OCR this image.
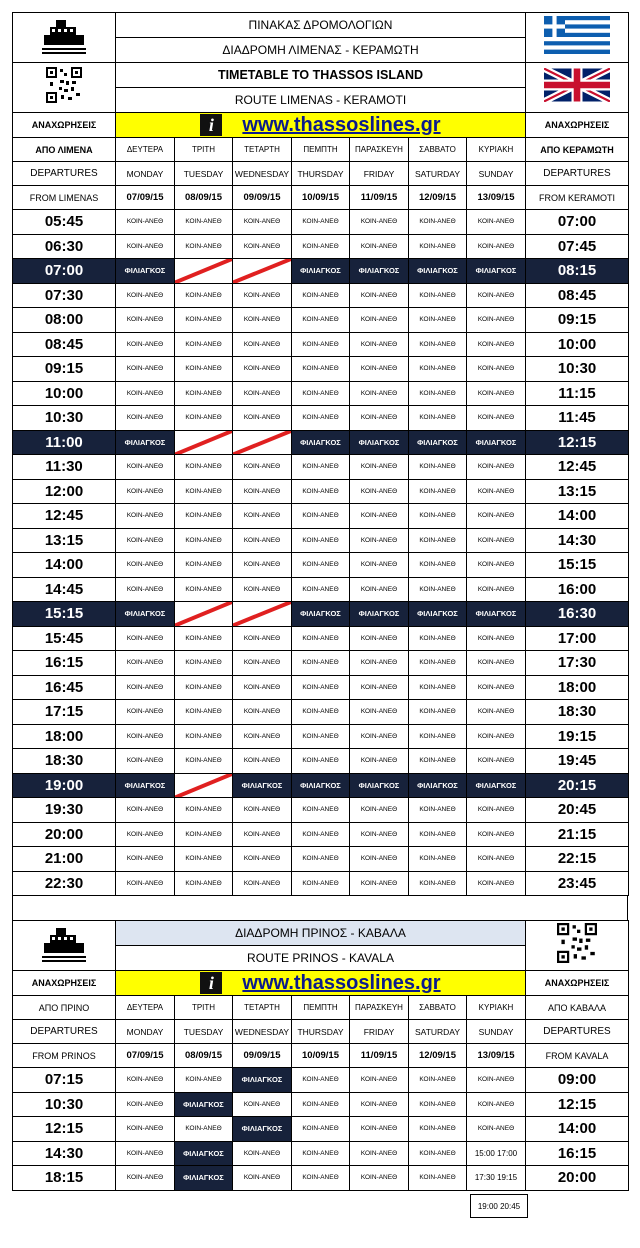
	ΠΙΝΑΚΑΣ ΔΡΟΜΟΛΟΓΙΩΝ	
	ΔΙΑΔΡΟΜΗ ΛΙΜΕΝΑΣ - ΚΕΡΑΜΩΤΗ							
	TIMETABLE TO THASSOS ISLAND	
	ROUTE LIMENAS - KERAMOTI							
ΑΝΑΧΩΡΗΣΕΙΣ	i www.thassoslines.gr							ΑΝΑΧΩΡΗΣΕΙΣ
ΑΠΟ ΛΙΜΕΝΑ	ΔΕΥΤΕΡΑ	ΤΡΙΤΗ	ΤΕΤΑΡΤΗ	ΠΕΜΠΤΗ	ΠΑΡΑΣΚΕΥΗ	ΣΑΒΒΑΤΟ	ΚΥΡΙΑΚΗ	ΑΠΟ ΚΕΡΑΜΩΤΗ
DEPARTURES	MONDAY	TUESDAY	WEDNESDAY	THURSDAY	FRIDAY	SATURDAY	SUNDAY	DEPARTURES
FROM LIMENAS	07/09/15	08/09/15	09/09/15	10/09/15	11/09/15	12/09/15	13/09/15	FROM KERAMOTI
05:45	ΚΟΙΝ-ΑΝΕΘ	ΚΟΙΝ-ΑΝΕΘ	ΚΟΙΝ-ΑΝΕΘ	ΚΟΙΝ-ΑΝΕΘ	ΚΟΙΝ-ΑΝΕΘ	ΚΟΙΝ-ΑΝΕΘ	ΚΟΙΝ-ΑΝΕΘ	07:00
06:30	ΚΟΙΝ-ΑΝΕΘ	ΚΟΙΝ-ΑΝΕΘ	ΚΟΙΝ-ΑΝΕΘ	ΚΟΙΝ-ΑΝΕΘ	ΚΟΙΝ-ΑΝΕΘ	ΚΟΙΝ-ΑΝΕΘ	ΚΟΙΝ-ΑΝΕΘ	07:45
07:00	ΦΙΛΙΑΓΚΟΣ			ΦΙΛΙΑΓΚΟΣ	ΦΙΛΙΑΓΚΟΣ	ΦΙΛΙΑΓΚΟΣ	ΦΙΛΙΑΓΚΟΣ	08:15
07:30	ΚΟΙΝ-ΑΝΕΘ	ΚΟΙΝ-ΑΝΕΘ	ΚΟΙΝ-ΑΝΕΘ	ΚΟΙΝ-ΑΝΕΘ	ΚΟΙΝ-ΑΝΕΘ	ΚΟΙΝ-ΑΝΕΘ	ΚΟΙΝ-ΑΝΕΘ	08:45
08:00	ΚΟΙΝ-ΑΝΕΘ	ΚΟΙΝ-ΑΝΕΘ	ΚΟΙΝ-ΑΝΕΘ	ΚΟΙΝ-ΑΝΕΘ	ΚΟΙΝ-ΑΝΕΘ	ΚΟΙΝ-ΑΝΕΘ	ΚΟΙΝ-ΑΝΕΘ	09:15
08:45	ΚΟΙΝ-ΑΝΕΘ	ΚΟΙΝ-ΑΝΕΘ	ΚΟΙΝ-ΑΝΕΘ	ΚΟΙΝ-ΑΝΕΘ	ΚΟΙΝ-ΑΝΕΘ	ΚΟΙΝ-ΑΝΕΘ	ΚΟΙΝ-ΑΝΕΘ	10:00
09:15	ΚΟΙΝ-ΑΝΕΘ	ΚΟΙΝ-ΑΝΕΘ	ΚΟΙΝ-ΑΝΕΘ	ΚΟΙΝ-ΑΝΕΘ	ΚΟΙΝ-ΑΝΕΘ	ΚΟΙΝ-ΑΝΕΘ	ΚΟΙΝ-ΑΝΕΘ	10:30
10:00	ΚΟΙΝ-ΑΝΕΘ	ΚΟΙΝ-ΑΝΕΘ	ΚΟΙΝ-ΑΝΕΘ	ΚΟΙΝ-ΑΝΕΘ	ΚΟΙΝ-ΑΝΕΘ	ΚΟΙΝ-ΑΝΕΘ	ΚΟΙΝ-ΑΝΕΘ	11:15
10:30	ΚΟΙΝ-ΑΝΕΘ	ΚΟΙΝ-ΑΝΕΘ	ΚΟΙΝ-ΑΝΕΘ	ΚΟΙΝ-ΑΝΕΘ	ΚΟΙΝ-ΑΝΕΘ	ΚΟΙΝ-ΑΝΕΘ	ΚΟΙΝ-ΑΝΕΘ	11:45
11:00	ΦΙΛΙΑΓΚΟΣ			ΦΙΛΙΑΓΚΟΣ	ΦΙΛΙΑΓΚΟΣ	ΦΙΛΙΑΓΚΟΣ	ΦΙΛΙΑΓΚΟΣ	12:15
11:30	ΚΟΙΝ-ΑΝΕΘ	ΚΟΙΝ-ΑΝΕΘ	ΚΟΙΝ-ΑΝΕΘ	ΚΟΙΝ-ΑΝΕΘ	ΚΟΙΝ-ΑΝΕΘ	ΚΟΙΝ-ΑΝΕΘ	ΚΟΙΝ-ΑΝΕΘ	12:45
12:00	ΚΟΙΝ-ΑΝΕΘ	ΚΟΙΝ-ΑΝΕΘ	ΚΟΙΝ-ΑΝΕΘ	ΚΟΙΝ-ΑΝΕΘ	ΚΟΙΝ-ΑΝΕΘ	ΚΟΙΝ-ΑΝΕΘ	ΚΟΙΝ-ΑΝΕΘ	13:15
12:45	ΚΟΙΝ-ΑΝΕΘ	ΚΟΙΝ-ΑΝΕΘ	ΚΟΙΝ-ΑΝΕΘ	ΚΟΙΝ-ΑΝΕΘ	ΚΟΙΝ-ΑΝΕΘ	ΚΟΙΝ-ΑΝΕΘ	ΚΟΙΝ-ΑΝΕΘ	14:00
13:15	ΚΟΙΝ-ΑΝΕΘ	ΚΟΙΝ-ΑΝΕΘ	ΚΟΙΝ-ΑΝΕΘ	ΚΟΙΝ-ΑΝΕΘ	ΚΟΙΝ-ΑΝΕΘ	ΚΟΙΝ-ΑΝΕΘ	ΚΟΙΝ-ΑΝΕΘ	14:30
14:00	ΚΟΙΝ-ΑΝΕΘ	ΚΟΙΝ-ΑΝΕΘ	ΚΟΙΝ-ΑΝΕΘ	ΚΟΙΝ-ΑΝΕΘ	ΚΟΙΝ-ΑΝΕΘ	ΚΟΙΝ-ΑΝΕΘ	ΚΟΙΝ-ΑΝΕΘ	15:15
14:45	ΚΟΙΝ-ΑΝΕΘ	ΚΟΙΝ-ΑΝΕΘ	ΚΟΙΝ-ΑΝΕΘ	ΚΟΙΝ-ΑΝΕΘ	ΚΟΙΝ-ΑΝΕΘ	ΚΟΙΝ-ΑΝΕΘ	ΚΟΙΝ-ΑΝΕΘ	16:00
15:15	ΦΙΛΙΑΓΚΟΣ			ΦΙΛΙΑΓΚΟΣ	ΦΙΛΙΑΓΚΟΣ	ΦΙΛΙΑΓΚΟΣ	ΦΙΛΙΑΓΚΟΣ	16:30
15:45	ΚΟΙΝ-ΑΝΕΘ	ΚΟΙΝ-ΑΝΕΘ	ΚΟΙΝ-ΑΝΕΘ	ΚΟΙΝ-ΑΝΕΘ	ΚΟΙΝ-ΑΝΕΘ	ΚΟΙΝ-ΑΝΕΘ	ΚΟΙΝ-ΑΝΕΘ	17:00
16:15	ΚΟΙΝ-ΑΝΕΘ	ΚΟΙΝ-ΑΝΕΘ	ΚΟΙΝ-ΑΝΕΘ	ΚΟΙΝ-ΑΝΕΘ	ΚΟΙΝ-ΑΝΕΘ	ΚΟΙΝ-ΑΝΕΘ	ΚΟΙΝ-ΑΝΕΘ	17:30
16:45	ΚΟΙΝ-ΑΝΕΘ	ΚΟΙΝ-ΑΝΕΘ	ΚΟΙΝ-ΑΝΕΘ	ΚΟΙΝ-ΑΝΕΘ	ΚΟΙΝ-ΑΝΕΘ	ΚΟΙΝ-ΑΝΕΘ	ΚΟΙΝ-ΑΝΕΘ	18:00
17:15	ΚΟΙΝ-ΑΝΕΘ	ΚΟΙΝ-ΑΝΕΘ	ΚΟΙΝ-ΑΝΕΘ	ΚΟΙΝ-ΑΝΕΘ	ΚΟΙΝ-ΑΝΕΘ	ΚΟΙΝ-ΑΝΕΘ	ΚΟΙΝ-ΑΝΕΘ	18:30
18:00	ΚΟΙΝ-ΑΝΕΘ	ΚΟΙΝ-ΑΝΕΘ	ΚΟΙΝ-ΑΝΕΘ	ΚΟΙΝ-ΑΝΕΘ	ΚΟΙΝ-ΑΝΕΘ	ΚΟΙΝ-ΑΝΕΘ	ΚΟΙΝ-ΑΝΕΘ	19:15
18:30	ΚΟΙΝ-ΑΝΕΘ	ΚΟΙΝ-ΑΝΕΘ	ΚΟΙΝ-ΑΝΕΘ	ΚΟΙΝ-ΑΝΕΘ	ΚΟΙΝ-ΑΝΕΘ	ΚΟΙΝ-ΑΝΕΘ	ΚΟΙΝ-ΑΝΕΘ	19:45
19:00	ΦΙΛΙΑΓΚΟΣ		ΦΙΛΙΑΓΚΟΣ	ΦΙΛΙΑΓΚΟΣ	ΦΙΛΙΑΓΚΟΣ	ΦΙΛΙΑΓΚΟΣ	ΦΙΛΙΑΓΚΟΣ	20:15
19:30	ΚΟΙΝ-ΑΝΕΘ	ΚΟΙΝ-ΑΝΕΘ	ΚΟΙΝ-ΑΝΕΘ	ΚΟΙΝ-ΑΝΕΘ	ΚΟΙΝ-ΑΝΕΘ	ΚΟΙΝ-ΑΝΕΘ	ΚΟΙΝ-ΑΝΕΘ	20:45
20:00	ΚΟΙΝ-ΑΝΕΘ	ΚΟΙΝ-ΑΝΕΘ	ΚΟΙΝ-ΑΝΕΘ	ΚΟΙΝ-ΑΝΕΘ	ΚΟΙΝ-ΑΝΕΘ	ΚΟΙΝ-ΑΝΕΘ	ΚΟΙΝ-ΑΝΕΘ	21:15
21:00	ΚΟΙΝ-ΑΝΕΘ	ΚΟΙΝ-ΑΝΕΘ	ΚΟΙΝ-ΑΝΕΘ	ΚΟΙΝ-ΑΝΕΘ	ΚΟΙΝ-ΑΝΕΘ	ΚΟΙΝ-ΑΝΕΘ	ΚΟΙΝ-ΑΝΕΘ	22:15
22:30	ΚΟΙΝ-ΑΝΕΘ	ΚΟΙΝ-ΑΝΕΘ	ΚΟΙΝ-ΑΝΕΘ	ΚΟΙΝ-ΑΝΕΘ	ΚΟΙΝ-ΑΝΕΘ	ΚΟΙΝ-ΑΝΕΘ	ΚΟΙΝ-ΑΝΕΘ	23:45
	ΔΙΑΔΡΟΜΗ ΠΡΙΝΟΣ - ΚΑΒΑΛΑ	
	ROUTE PRINOS - KAVALA							
ΑΝΑΧΩΡΗΣΕΙΣ	i www.thassoslines.gr							ΑΝΑΧΩΡΗΣΕΙΣ
ΑΠΟ ΠΡΙΝΟ	ΔΕΥΤΕΡΑ	ΤΡΙΤΗ	ΤΕΤΑΡΤΗ	ΠΕΜΠΤΗ	ΠΑΡΑΣΚΕΥΗ	ΣΑΒΒΑΤΟ	ΚΥΡΙΑΚΗ	ΑΠΟ ΚΑΒΑΛΑ
DEPARTURES	MONDAY	TUESDAY	WEDNESDAY	THURSDAY	FRIDAY	SATURDAY	SUNDAY	DEPARTURES
FROM PRINOS	07/09/15	08/09/15	09/09/15	10/09/15	11/09/15	12/09/15	13/09/15	FROM KAVALA
07:15	ΚΟΙΝ-ΑΝΕΘ	ΚΟΙΝ-ΑΝΕΘ	ΦΙΛΙΑΓΚΟΣ	ΚΟΙΝ-ΑΝΕΘ	ΚΟΙΝ-ΑΝΕΘ	ΚΟΙΝ-ΑΝΕΘ	ΚΟΙΝ-ΑΝΕΘ	09:00
10:30	ΚΟΙΝ-ΑΝΕΘ	ΦΙΛΙΑΓΚΟΣ	ΚΟΙΝ-ΑΝΕΘ	ΚΟΙΝ-ΑΝΕΘ	ΚΟΙΝ-ΑΝΕΘ	ΚΟΙΝ-ΑΝΕΘ	ΚΟΙΝ-ΑΝΕΘ	12:15
12:15	ΚΟΙΝ-ΑΝΕΘ	ΚΟΙΝ-ΑΝΕΘ	ΦΙΛΙΑΓΚΟΣ	ΚΟΙΝ-ΑΝΕΘ	ΚΟΙΝ-ΑΝΕΘ	ΚΟΙΝ-ΑΝΕΘ	ΚΟΙΝ-ΑΝΕΘ	14:00
14:30	ΚΟΙΝ-ΑΝΕΘ	ΦΙΛΙΑΓΚΟΣ	ΚΟΙΝ-ΑΝΕΘ	ΚΟΙΝ-ΑΝΕΘ	ΚΟΙΝ-ΑΝΕΘ	ΚΟΙΝ-ΑΝΕΘ	15:00 17:00	16:15
18:15	ΚΟΙΝ-ΑΝΕΘ	ΦΙΛΙΑΓΚΟΣ	ΚΟΙΝ-ΑΝΕΘ	ΚΟΙΝ-ΑΝΕΘ	ΚΟΙΝ-ΑΝΕΘ	ΚΟΙΝ-ΑΝΕΘ	17:30 19:15	20:00
19:00 20:45
